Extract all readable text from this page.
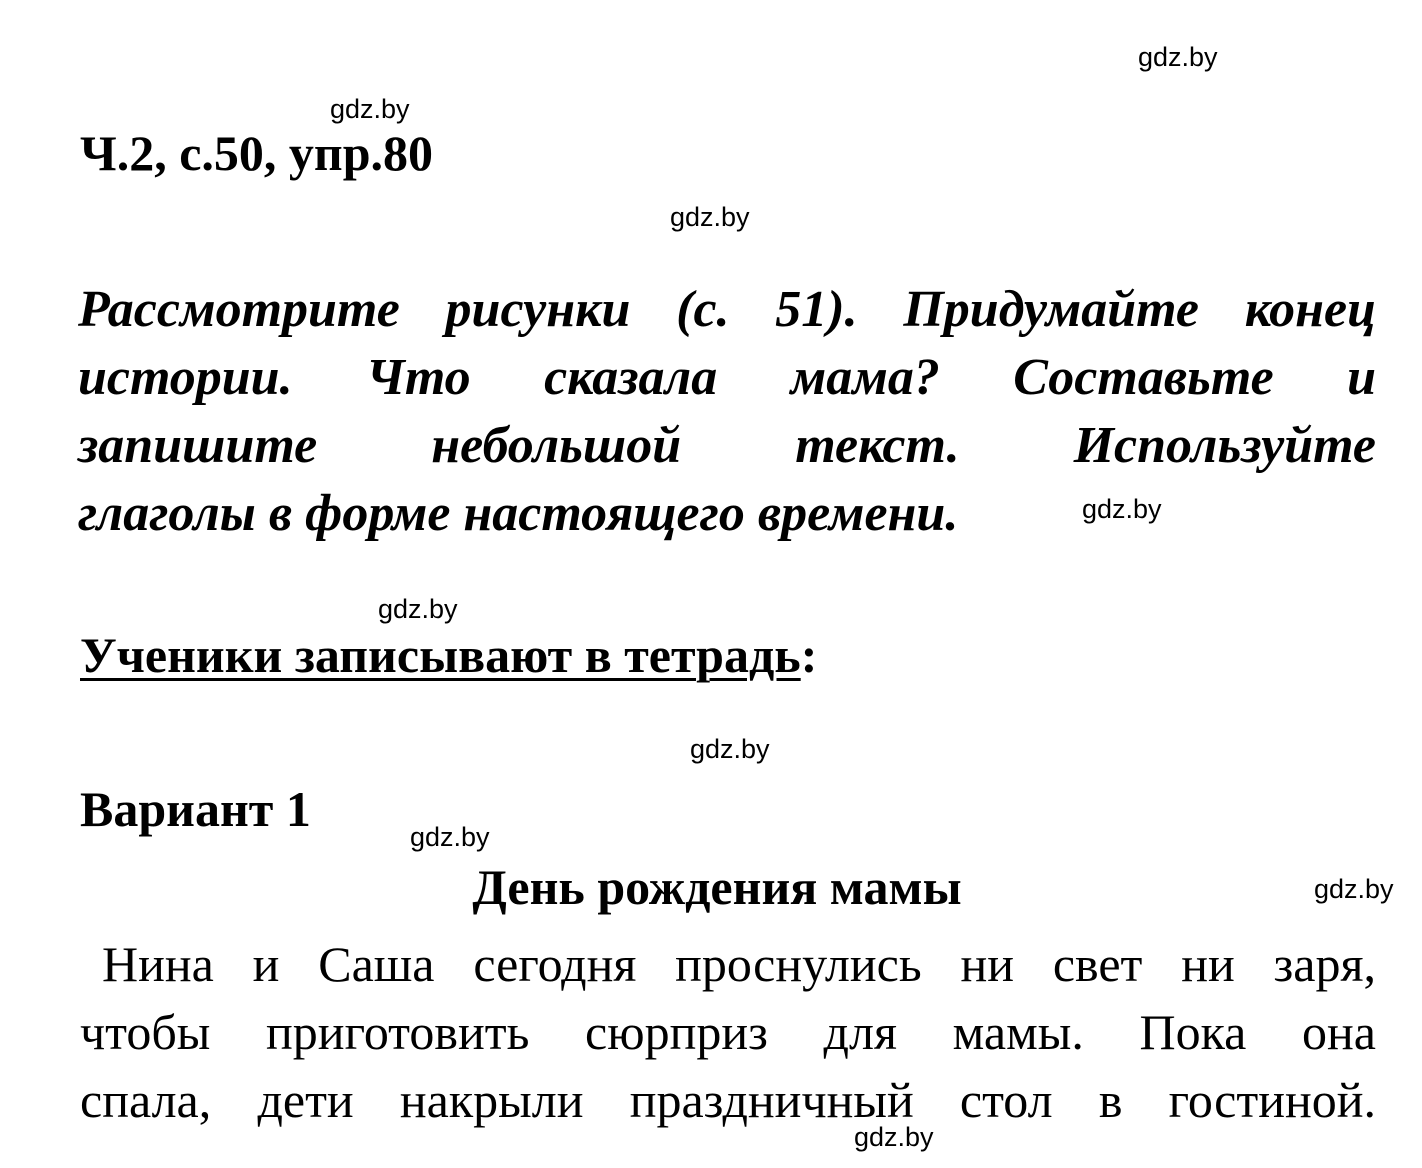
gdz.by
gdz.by
gdz.by
gdz.by
gdz.by
gdz.by
gdz.by
gdz.by
gdz.by
Ч.2, с.50, упр.80
Рассмотрите рисунки (с. 51). Придумайте конец
истории. Что сказала мама? Составьте и
запишите небольшой текст. Используйте
глаголы в форме настоящего времени.
Ученики записывают в тетрадь:
Вариант 1
День рождения мамы
Нина и Саша сегодня проснулись ни свет ни заря,
чтобы приготовить сюрприз для мамы. Пока она
спала, дети накрыли праздничный стол в гостиной.
